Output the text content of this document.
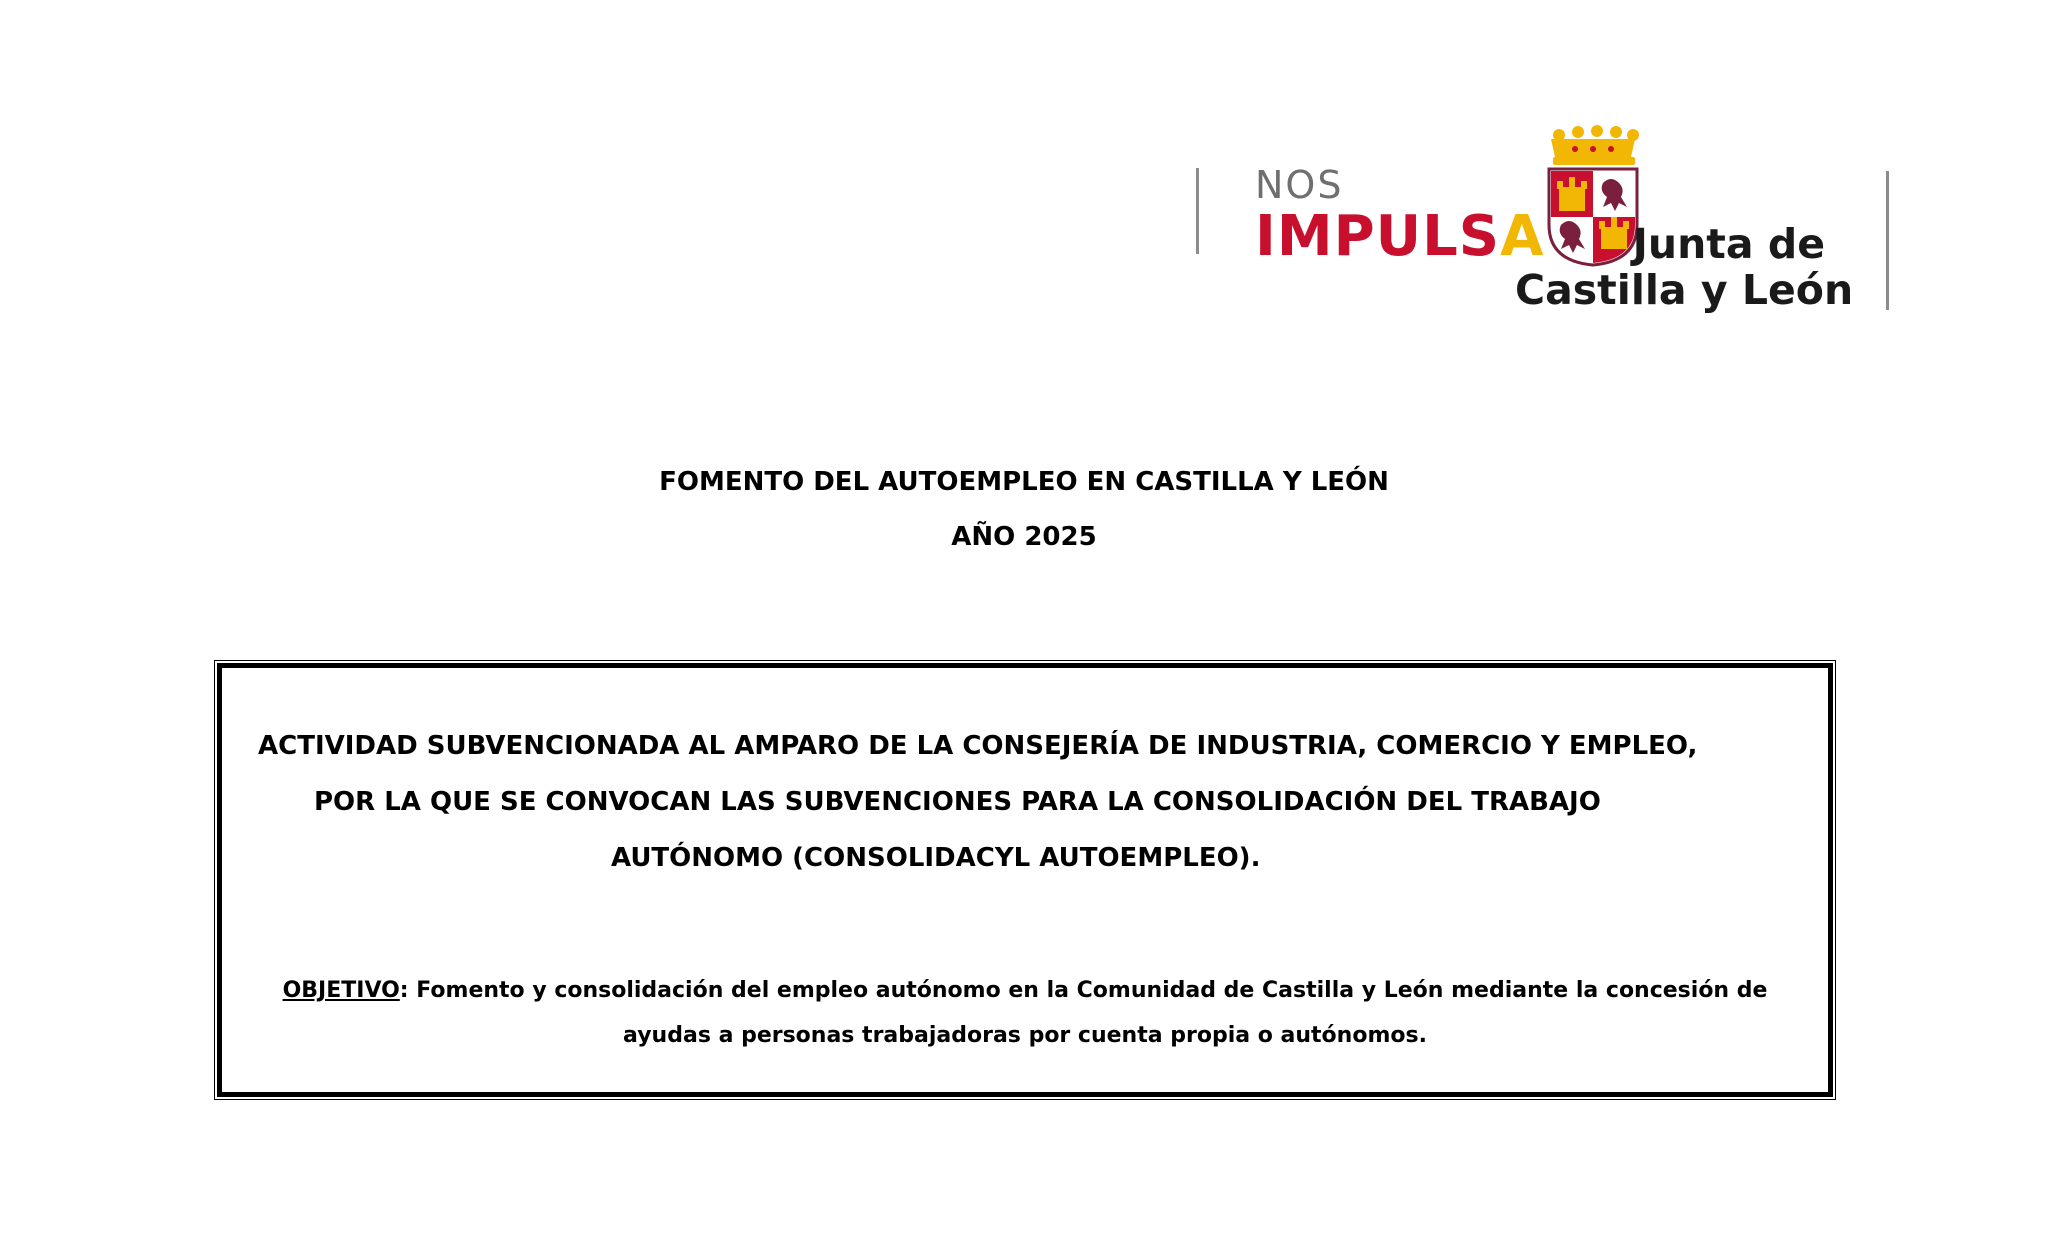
NOS
IMPULSA	Junta de
Castilla y León
FOMENTO DEL AUTOEMPLEO EN CASTILLA Y LEÓN
AÑO 2025
ACTIVIDAD SUBVENCIONADA AL AMPARO DE LA CONSEJERÍA DE INDUSTRIA, COMERCIO Y EMPLEO,
POR LA QUE SE CONVOCAN LAS SUBVENCIONES PARA LA CONSOLIDACIÓN DEL TRABAJO
AUTÓNOMO (CONSOLIDACYL AUTOEMPLEO).
OBJETIVO: Fomento y consolidación del empleo autónomo en la Comunidad de Castilla y León mediante la concesión de
ayudas a personas trabajadoras por cuenta propia o autónomos.
